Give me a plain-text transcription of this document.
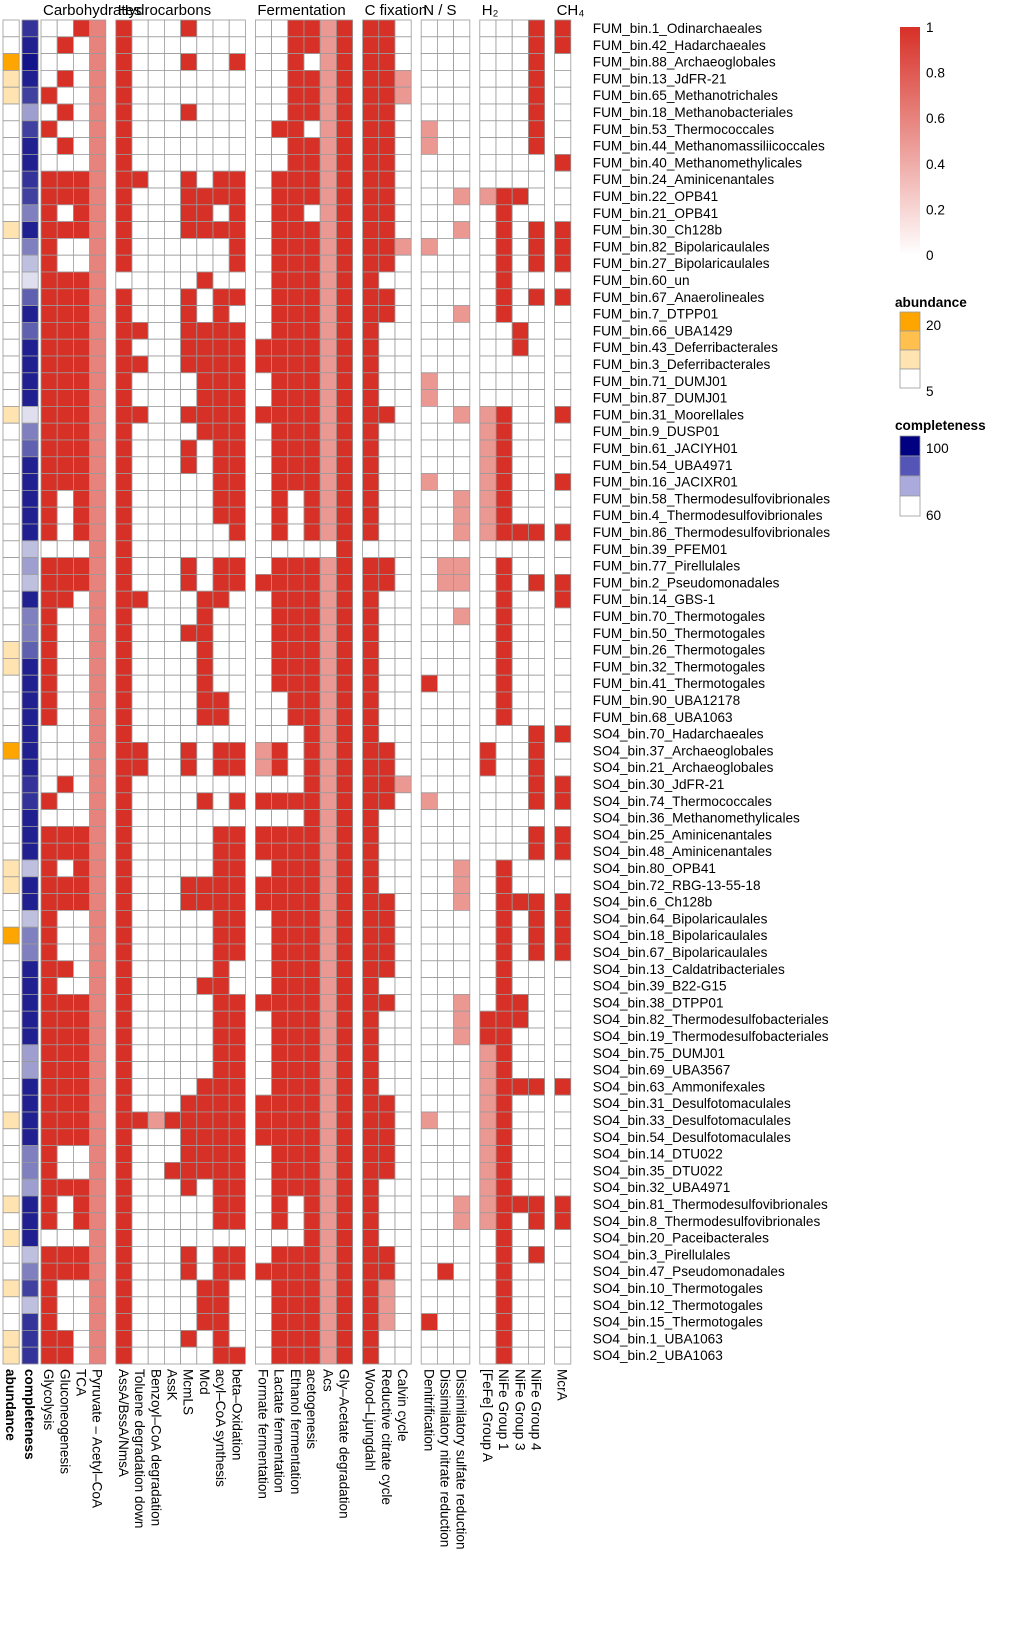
Carbohydrates
Hydrocarbons	Fermentation C fixation
N / S H₂	CH₄
FUM_bin.1_Odinarchaeales
FUM_bin.42_Hadarchaeales
FUM_bin.88_Archaeoglobales
FUM_bin.13_JdFR-21
FUM_bin.65_Methanotrichales
FUM_bin.18_Methanobacteriales
FUM_bin.53_Thermococcales
FUM_bin.44_Methanomassiliicoccales
FUM_bin.40_Methanomethylicales
FUM_bin.24_Aminicenantales
FUM_bin.22_OPB41
FUM_bin.21_OPB41
FUM_bin.30_Ch128b
FUM_bin.82_Bipolaricaulales
FUM_bin.27_Bipolaricaulales
FUM_bin.60_un
FUM_bin.67_Anaerolineales
FUM_bin.7_DTPP01
FUM_bin.66_UBA1429
FUM_bin.43_Deferribacterales
FUM_bin.3_Deferribacterales
FUM_bin.71_DUMJ01
FUM_bin.87_DUMJ01
FUM_bin.31_Moorellales
FUM_bin.9_DUSP01
FUM_bin.61_JACIYH01
FUM_bin.54_UBA4971
FUM_bin.16_JACIXR01
FUM_bin.58_Thermodesulfovibrionales
FUM_bin.4_Thermodesulfovibrionales
FUM_bin.86_Thermodesulfovibrionales
FUM_bin.39_PFEM01
FUM_bin.77_Pirellulales
FUM_bin.2_Pseudomonadales
FUM_bin.14_GBS-1
FUM_bin.70_Thermotogales
FUM_bin.50_Thermotogales
FUM_bin.26_Thermotogales
FUM_bin.32_Thermotogales
FUM_bin.41_Thermotogales
FUM_bin.90_UBA12178
FUM_bin.68_UBA1063
SO4_bin.70_Hadarchaeales
SO4_bin.37_Archaeoglobales
SO4_bin.21_Archaeoglobales
SO4_bin.30_JdFR-21
SO4_bin.74_Thermococcales
SO4_bin.36_Methanomethylicales
SO4_bin.25_Aminicenantales
SO4_bin.48_Aminicenantales
SO4_bin.80_OPB41
SO4_bin.72_RBG-13-55-18
SO4_bin.6_Ch128b
SO4_bin.64_Bipolaricaulales
SO4_bin.18_Bipolaricaulales
SO4_bin.67_Bipolaricaulales
SO4_bin.13_Caldatribacteriales
SO4_bin.39_B22-G15
SO4_bin.38_DTPP01
SO4_bin.82_Thermodesulfobacteriales
SO4_bin.19_Thermodesulfobacteriales
SO4_bin.75_DUMJ01
SO4_bin.69_UBA3567
SO4_bin.63_Ammonifexales
SO4_bin.31_Desulfotomaculales
SO4_bin.33_Desulfotomaculales
SO4_bin.54_Desulfotomaculales
SO4_bin.14_DTU022
SO4_bin.35_DTU022
SO4_bin.32_UBA4971
SO4_bin.81_Thermodesulfovibrionales
SO4_bin.8_Thermodesulfovibrionales
SO4_bin.20_Paceibacterales
SO4_bin.3_Pirellulales
SO4_bin.47_Pseudomonadales
SO4_bin.10_Thermotogales
SO4_bin.12_Thermotogales
SO4_bin.15_Thermotogales
SO4_bin.1_UBA1063
SO4_bin.2_UBA1063
abundance completeness Glycolysis Gluconeogenesis TCA Pyruvate – Acetyl–CoA AssA/BssA/NmsA Toluene degradation down Benzoyl–CoA degradation AssK McmLS Mcd acyl–CoA synthesis beta–Oxidation Formate fermentation Lactate fermentation Ethanol fermentation acetogenesis Acs Gly–Acetate degradation Wood–Ljungdahl Reductive citrate cycle Calvin cycle Denitrification Dissimilatory nitrate reduction Dissimilatory sulfate reduction [FeFe] Group A NiFe Group 1 NiFe Group 3 NiFe Group 4 McrA
1
0.8
0.6
0.4
0.2
0
abundance
20
5
completeness
100
60
